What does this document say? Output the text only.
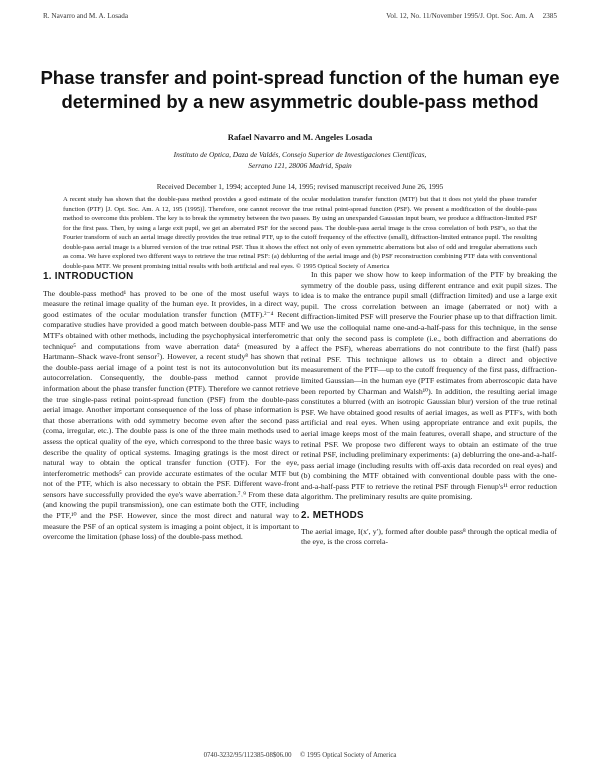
R. Navarro and M. A. Losada	Vol. 12, No. 11/November 1995/J. Opt. Soc. Am. A     2385
Phase transfer and point-spread function of the human eye determined by a new asymmetric double-pass method
Rafael Navarro and M. Angeles Losada
Instituto de Optica, Daza de Valdés, Consejo Superior de Investigaciones Científicas,
Serrano 121, 28006 Madrid, Spain
Received December 1, 1994; accepted June 14, 1995; revised manuscript received June 26, 1995
A recent study has shown that the double-pass method provides a good estimate of the ocular modulation transfer function (MTF) but that it does not yield the phase transfer function (PTF) [J. Opt. Soc. Am. A 12, 195 (1995)]. Therefore, one cannot recover the true retinal point-spread function (PSF). We present a modification of the double-pass method to overcome this problem. The key is to break the symmetry between the two passes. By using an unexpanded Gaussian input beam, we produce a diffraction-limited PSF for the first pass. Then, by using a large exit pupil, we get an aberrated PSF for the second pass. The double-pass aerial image is the cross correlation of both PSF's, so that the Fourier transform of such an aerial image directly provides the true retinal PTF, up to the cutoff frequency of the effective (small), diffraction-limited entrance pupil. The resulting double-pass aerial image is a blurred version of the true retinal PSF. Thus it shows the effect not only of even symmetric aberrations but also of odd and irregular aberrations such as coma. We have explored two different ways to retrieve the true retinal PSF: (a) deblurring of the aerial image and (b) PSF reconstruction combining PTF data with conventional double-pass MTF. We present promising initial results with both artificial and real eyes. © 1995 Optical Society of America
1. INTRODUCTION

The double-pass method¹ has proved to be one of the most useful ways to measure the retinal image quality of the human eye. It provides, in a direct way, good estimates of the ocular modulation transfer function (MTF).²⁻⁴ Recent comparative studies have provided a good match between double-pass MTF and MTF's obtained with other methods, including the psychophysical interferometric technique⁵ and computations from wave aberration data⁶ (measured by a Hartmann–Shack wave-front sensor⁷). However, a recent study⁸ has shown that the double-pass aerial image of a point test is not its autoconvolution but its autocorrelation. Consequently, the double-pass method cannot provide information about the phase transfer function (PTF). Therefore we cannot retrieve the true single-pass retinal point-spread function (PSF) from the double-pass aerial image. Another important consequence of the loss of phase information is that those aberrations with odd symmetry become even after the second pass (coma, irregular, etc.). The double pass is one of the three main methods used to assess the optical quality of the eye, which correspond to the three basic ways to describe the quality of optical systems. Imaging gratings is the most direct or natural way to obtain the optical transfer function (OTF). For the eye, interferometric methods⁵ can provide accurate estimates of the ocular MTF but not of the PTF, which is also necessary to obtain the PSF. Different wave-front sensors have successfully provided the eye's wave aberration.⁷˒⁹ From these data (and knowing the pupil transmission), one can estimate both the OTF, including the PTF,¹⁰ and the PSF. However, since the most direct and natural way to measure the PSF of an optical system is imaging a point object, it is important to overcome the limitation (phase loss) of the double-pass method.

In this paper we show how to keep information of the PTF by breaking the symmetry of the double pass, using different entrance and exit pupil sizes. The idea is to make the entrance pupil small (diffraction limited) and use a large exit pupil. The cross correlation between an image (aberrated or not) with a diffraction-limited PSF will preserve the Fourier phase up to that diffraction limit. We use the colloquial name one-and-a-half-pass for this technique, in the sense that only the second pass is complete (i.e., both diffraction and aberrations do affect the PSF), whereas aberrations do not contribute to the first (half) pass retinal PSF. This technique allows us to obtain a direct and objective measurement of the PTF—up to the cutoff frequency of the first pass, diffraction-limited Gaussian—in the human eye (PTF estimates from aberroscopic data have been reported by Charman and Walsh¹⁰). In addition, the resulting aerial image constitutes a blurred (with an isotropic Gaussian blur) version of the true retinal PSF. We have obtained good results of aerial images, as well as PTF's, with both artificial and real eyes. When using appropriate entrance and exit pupils, the aerial image keeps most of the main features, overall shape, and structure of the retinal PSF. We propose two different ways to obtain an estimate of the true retinal PSF, including preliminary experiments: (a) deblurring the one-and-a-half-pass aerial image (including results with off-axis data recorded on real eyes) and (b) combining the MTF obtained with conventional double pass with the one-and-a-half-pass PTF to retrieve the retinal PSF through Fienup's¹¹ error reduction algorithm. The preliminary results are quite promising.

2. METHODS

The aerial image, I(x′, y′), formed after double pass⁸ through the optical media of the eye, is the cross correla-

0740-3232/95/112385-08$06.00     © 1995 Optical Society of America
